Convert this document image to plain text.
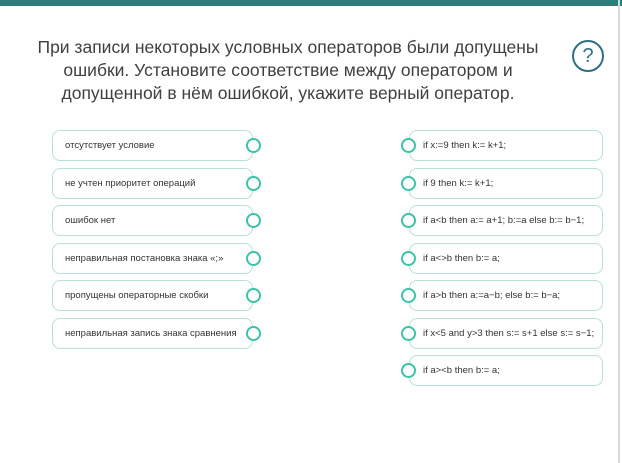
При записи некоторых условных операторов были допущены
ошибки. Установите соответствие между оператором и
допущенной в нём ошибкой, укажите верный оператор.
?
отсутствует условие
не учтен приоритет операций
ошибок нет
неправильная постановка знака «;»
пропущены операторные скобки
неправильная запись знака сравнения
if x:=9 then k:= k+1;
if 9 then k:= k+1;
if a<b then a:= a+1; b:=a else b:= b−1;
if a<>b then b:= a;
if a>b then a:=a−b; else b:= b−a;
if x<5 and y>3 then s:= s+1 else s:= s−1;
if a><b then b:= a;
